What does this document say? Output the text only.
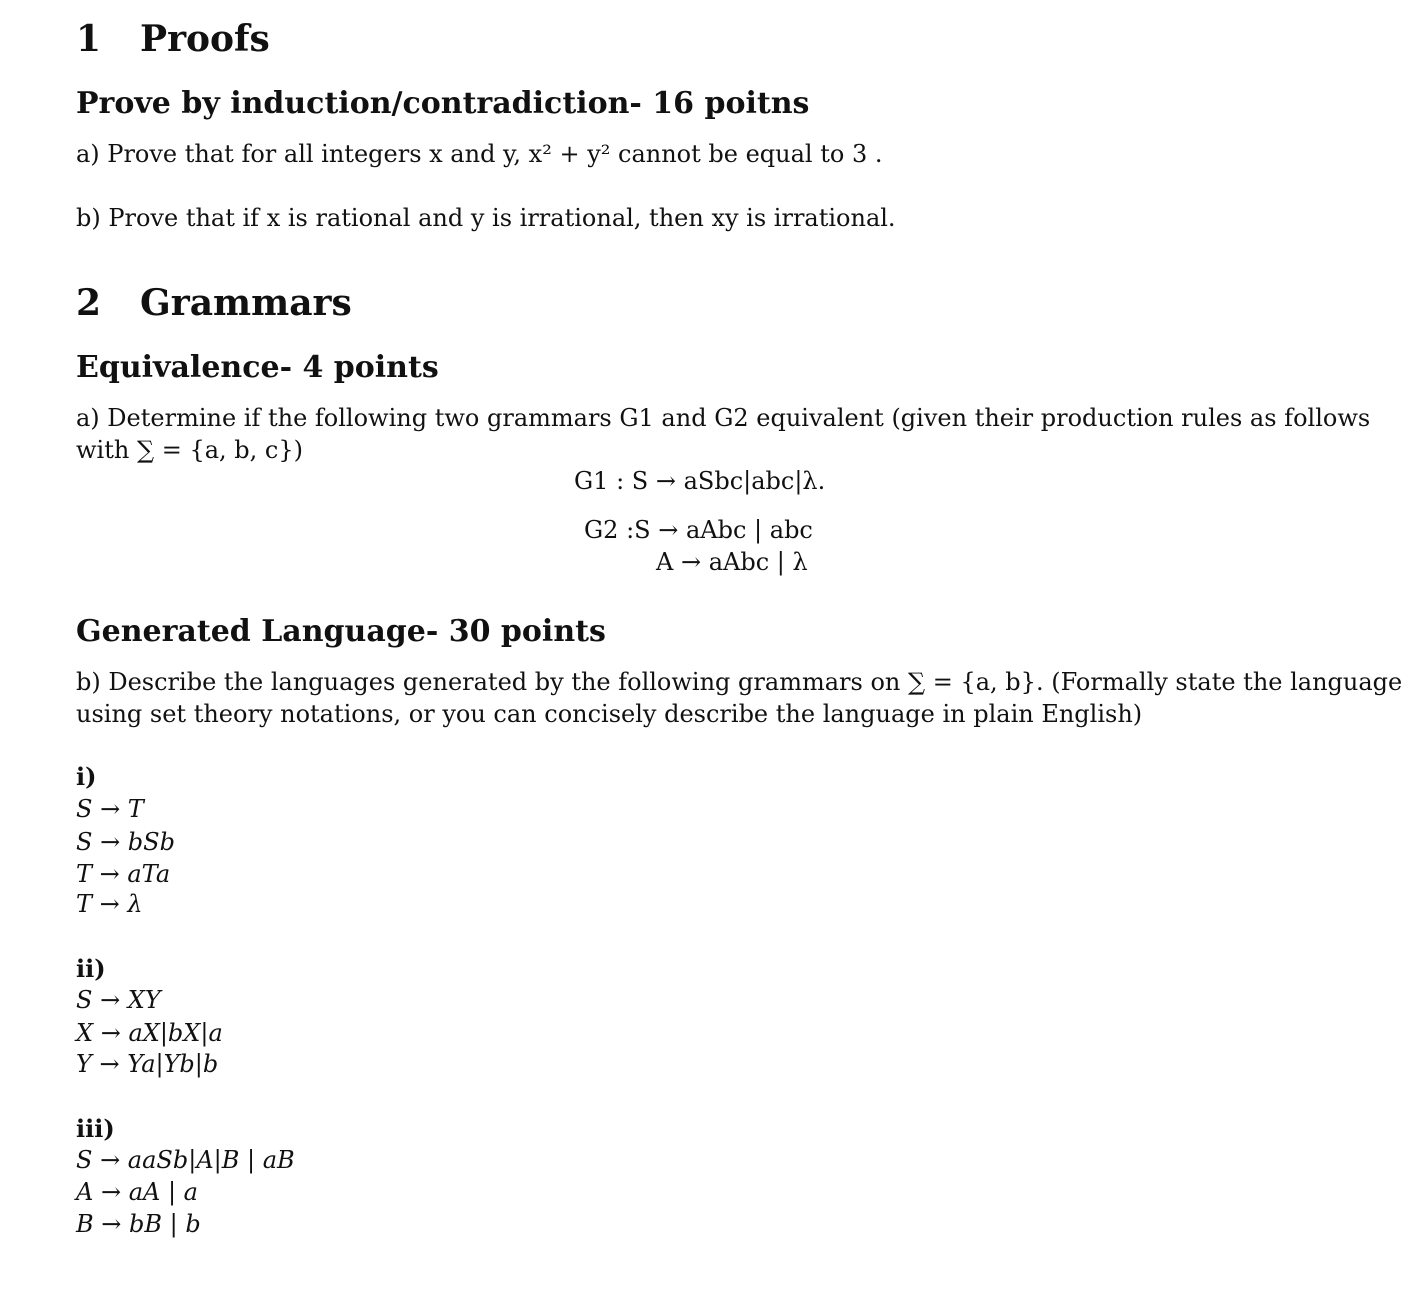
1 Proofs
Prove by induction/contradiction- 16 poitns
a) Prove that for all integers x and y, x² + y² cannot be equal to 3 .
b) Prove that if x is rational and y is irrational, then xy is irrational.
2 Grammars
Equivalence- 4 points
a) Determine if the following two grammars G1 and G2 equivalent (given their production rules as follows
with ∑ = {a, b, c})
G1 : S → aSbc|abc|λ.
G2 :S → aAbc | abc
A → aAbc | λ
Generated Language- 30 points
b) Describe the languages generated by the following grammars on ∑ = {a, b}. (Formally state the language
using set theory notations, or you can concisely describe the language in plain English)
i)
S → T
S → bSb
T → aTa
T → λ
ii)
S → XY
X → aX|bX|a
Y → Ya|Yb|b
iii)
S → aaSb|A|B | aB
A → aA | a
B → bB | b
